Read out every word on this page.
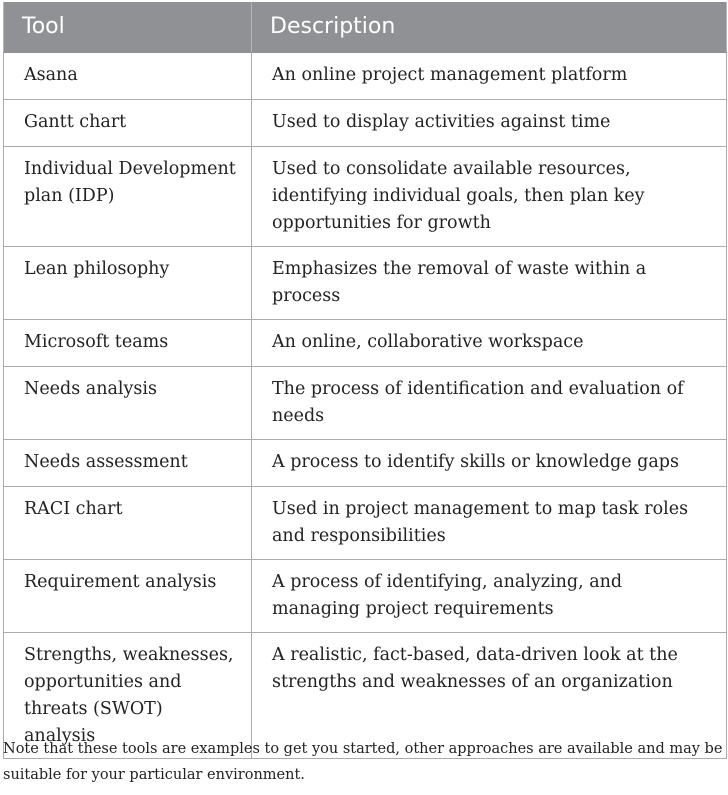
Tool	Description
Asana	An online project management platform
Gantt chart	Used to display activities against time
Individual Development plan (IDP)	Used to consolidate available resources, identifying individual goals, then plan key opportunities for growth
Lean philosophy	Emphasizes the removal of waste within a process
Microsoft teams	An online, collaborative workspace
Needs analysis	The process of identification and evaluation of needs
Needs assessment	A process to identify skills or knowledge gaps
RACI chart	Used in project management to map task roles and responsibilities
Requirement analysis	A process of identifying, analyzing, and managing project requirements
Strengths, weaknesses, opportunities and threats (SWOT) analysis	A realistic, fact-based, data-driven look at the strengths and weaknesses of an organization
Note that these tools are examples to get you started, other approaches are available and may be suitable for your particular environment.
